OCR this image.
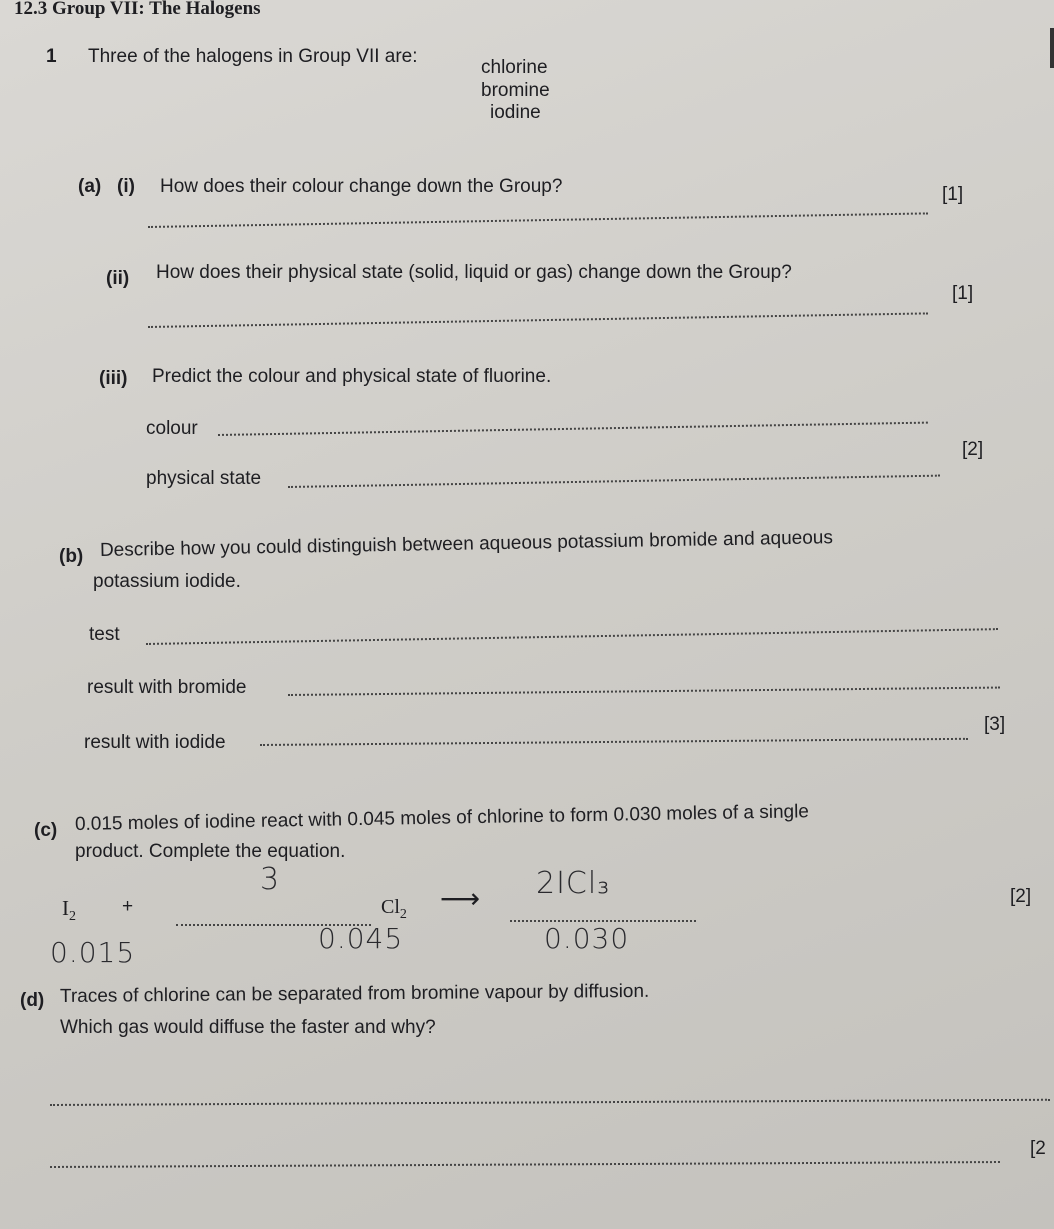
12.3 Group VII: The Halogens
1 Three of the halogens in Group VII are:
chlorine
bromine
iodine
(a) (i) How does their colour change down the Group?	[1]
(ii) How does their physical state (solid, liquid or gas) change down the Group?
[1]
(iii) Predict the colour and physical state of fluorine.
colour
physical state
[2]
(b) Describe how you could distinguish between aqueous potassium bromide and aqueous
potassium iodide.
test
result with bromide
result with iodide
[3]
(c) 0.015 moles of iodine react with 0.045 moles of chlorine to form 0.030 moles of a single
product. Complete the equation.
$I_2$ +
3
$Cl_2$
⟶ 2ICl₃	[2]
0.015	0.045	0.030
(d) Traces of chlorine can be separated from bromine vapour by diffusion.
Which gas would diffuse the faster and why?
[2
